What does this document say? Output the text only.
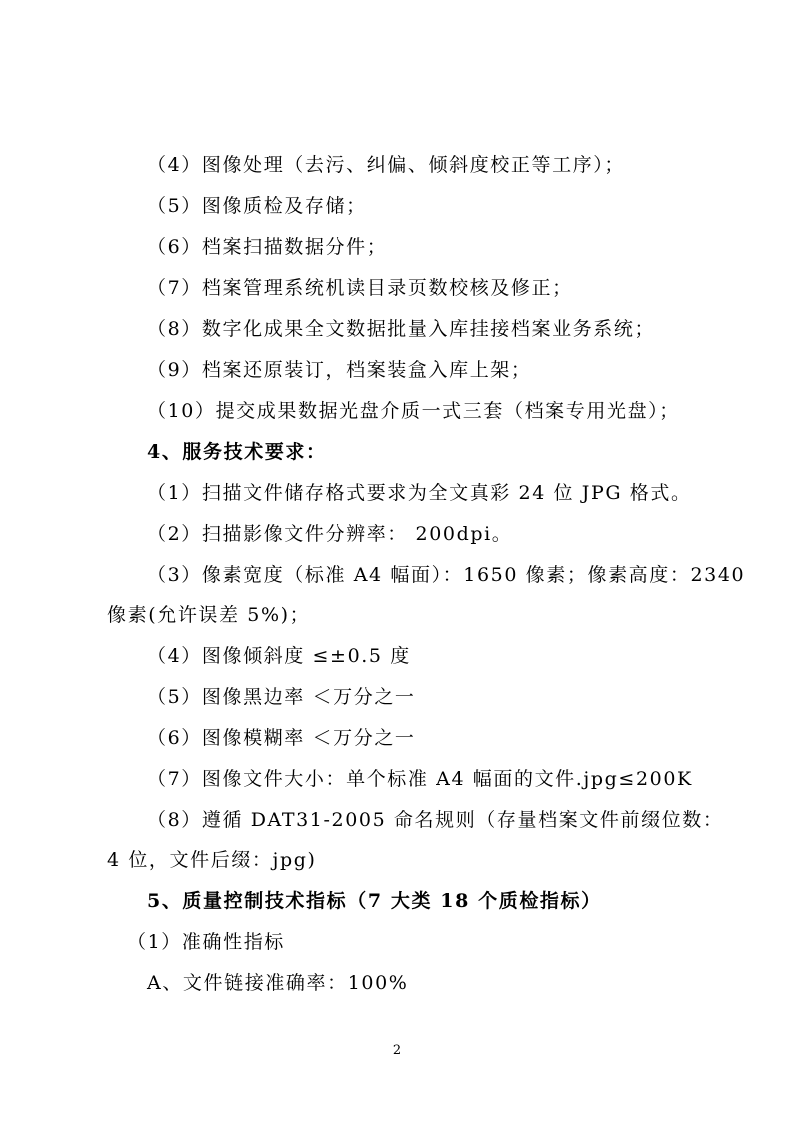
（4）图像处理（去污、纠偏、倾斜度校正等工序）；

（5）图像质检及存储；

（6）档案扫描数据分件；

（7）档案管理系统机读目录页数校核及修正；

（8）数字化成果全文数据批量入库挂接档案业务系统；

（9）档案还原装订，档案装盒入库上架；

（10）提交成果数据光盘介质一式三套（档案专用光盘）；

4、服务技术要求：

（1）扫描文件储存格式要求为全文真彩 24 位 JPG 格式。

（2）扫描影像文件分辨率： 200dpi。

（3）像素宽度（标准 A4 幅面）：1650 像素；像素高度：2340

像素(允许误差 5%)；

（4）图像倾斜度 ≤±0.5 度

（5）图像黑边率 ＜万分之一

（6）图像模糊率 ＜万分之一

（7）图像文件大小：单个标准 A4 幅面的文件.jpg≤200K

（8）遵循 DAT31-2005 命名规则（存量档案文件前缀位数：

4 位，文件后缀：jpg)

5、质量控制技术指标（7 大类 18 个质检指标）

（1）准确性指标

A、文件链接准确率：100%

2
